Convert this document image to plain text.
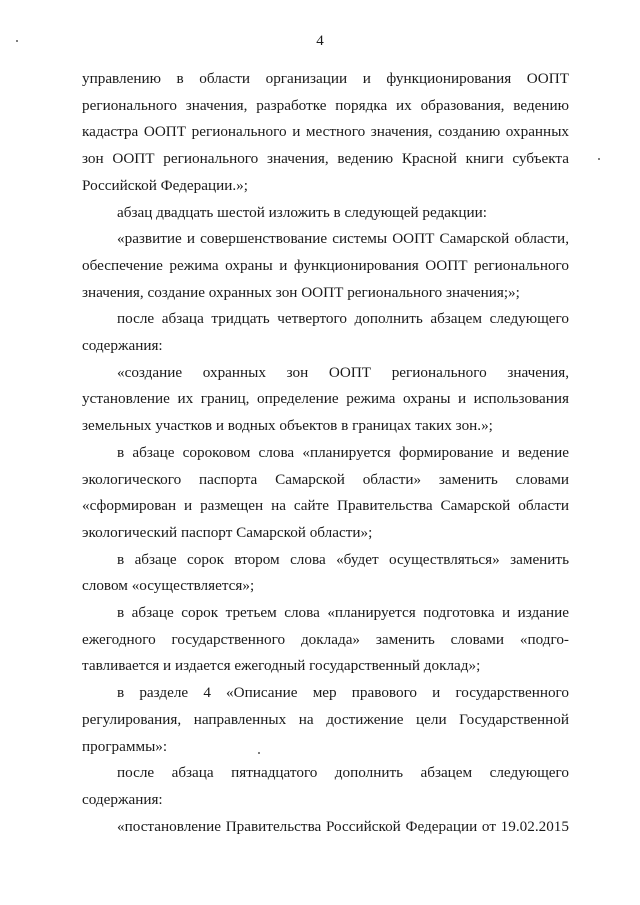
4

управлению в области организации и функционирования ООПТ регионального значения, разработке порядка их образования, ведению кадастра ООПТ регионального и местного значения, созданию охранных зон ООПТ регионального значения, ведению Красной книги субъекта Российской Федерации.»;

абзац двадцать шестой изложить в следующей редакции:

«развитие и совершенствование системы ООПТ Самарской области, обеспечение режима охраны и функционирования ООПТ регионального значения, создание охранных зон ООПТ регионального значения;»;

после абзаца тридцать четвертого дополнить абзацем следующего содержания:

«создание охранных зон ООПТ регионального значения, установление их границ, определение режима охраны и использования земельных участков и водных объектов в границах таких зон.»;

в абзаце сороковом слова «планируется формирование и ведение экологического паспорта Самарской области» заменить словами «сформирован и размещен на сайте Правительства Самарской области экологический паспорт Самарской области»;

в абзаце сорок втором слова «будет осуществляться» заменить словом «осуществляется»;

в абзаце сорок третьем слова «планируется подготовка и издание ежегодного государственного доклада» заменить словами «подго-тавливается и издается ежегодный государственный доклад»;

в разделе 4 «Описание мер правового и государственного регулирования, направленных на достижение цели Государственной программы»:

после абзаца пятнадцатого дополнить абзацем следующего содержания:

«постановление Правительства Российской Федерации от 19.02.2015
